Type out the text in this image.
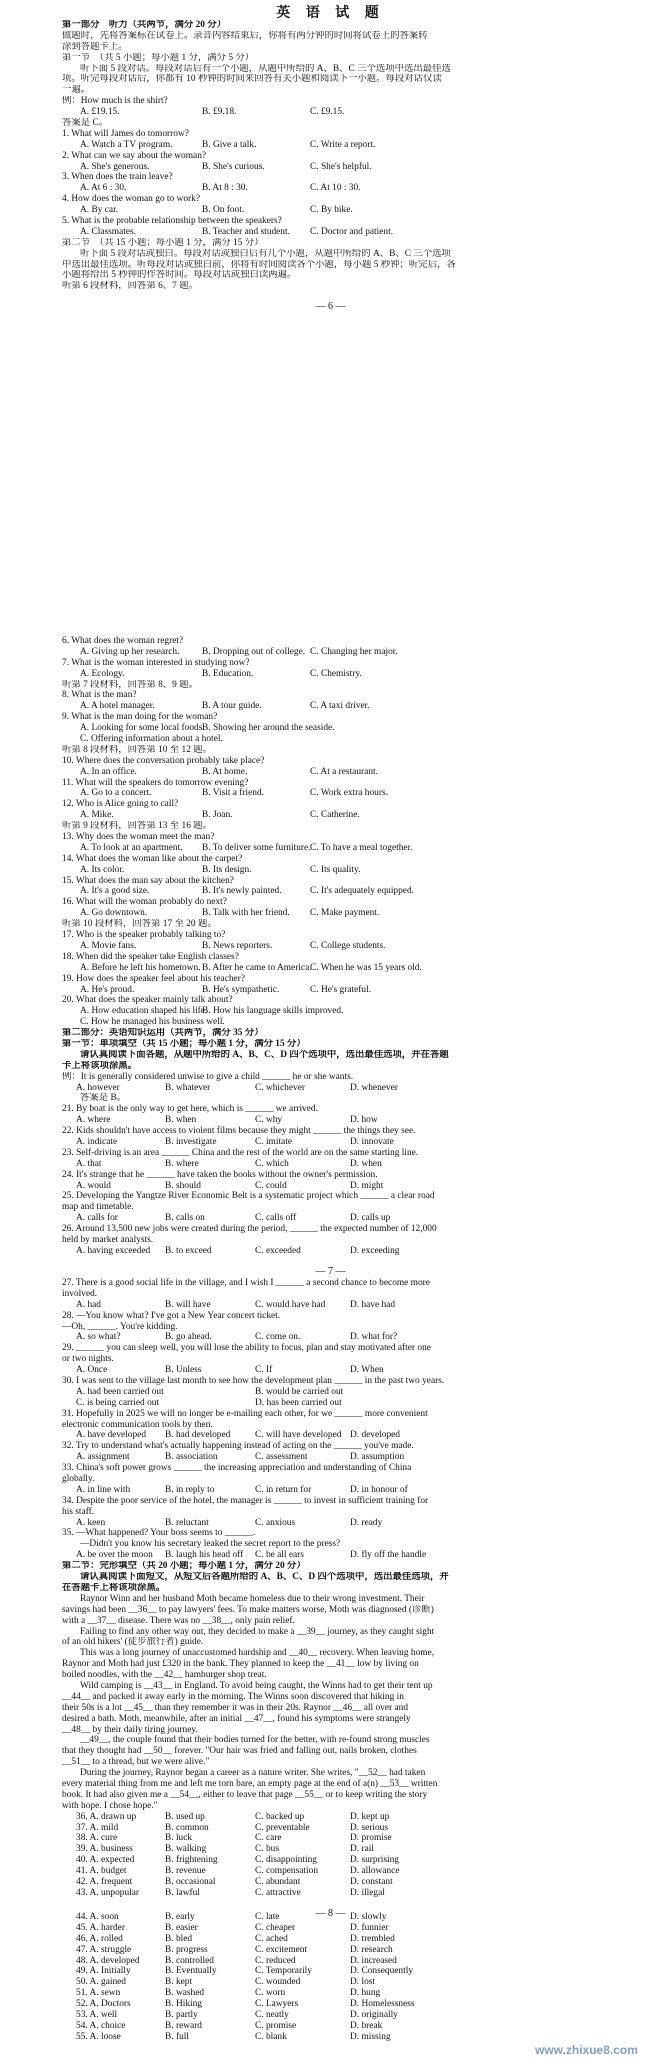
英 语 试 题
第一部分　听力（共两节，满分 20 分）
做题时，先将答案标在试卷上。录音内容结束后，你将有两分钟的时间将试卷上的答案转
涂到答题卡上。
第一节　（共 5 小题；每小题 1 分，满分 5 分）
听下面 5 段对话。每段对话后有一个小题，从题中所给的 A、B、C 三个选项中选出最佳选
项。听完每段对话后，你都有 10 秒钟的时间来回答有关小题和阅读下一小题。每段对话仅读
一遍。
例：How much is the shirt?
A. £19.15.	B. £9.18.	C. £9.15.
答案是 C。
1. What will James do tomorrow?
A. Watch a TV program.	B. Give a talk.	C. Write a report.
2. What can we say about the woman?
A. She's generous.	B. She's curious.	C. She's helpful.
3. When does the train leave?
A. At 6 : 30.	B. At 8 : 30.	C. At 10 : 30.
4. How does the woman go to work?
A. By car.	B. On foot.	C. By bike.
5. What is the probable relationship between the speakers?
A. Classmates.	B. Teacher and student. C. Doctor and patient.
第二节　（共 15 小题；每小题 1 分，满分 15 分）
听下面 5 段对话或独白。每段对话或独白后有几个小题，从题中所给的 A、B、C 三个选项
中选出最佳选项。听每段对话或独白前，你将有时间阅读各个小题，每小题 5 秒钟；听完后，各
小题将给出 5 秒钟的作答时间。每段对话或独白读两遍。
听第 6 段材料，回答第 6、7 题。
— 6 —
6. What does the woman regret?
A. Giving up her research. B. Dropping out of college. C. Changing her major.
7. What is the woman interested in studying now?
A. Ecology.	B. Education.	C. Chemistry.
听第 7 段材料，回答第 8、9 题。
8. What is the man?
A. A hotel manager.	B. A tour guide.	C. A taxi driver.
9. What is the man doing for the woman?
A. Looking for some local foods.
B. Showing her around the seaside.
C. Offering information about a hotel.
听第 8 段材料，回答第 10 至 12 题。
10. Where does the conversation probably take place?
A. In an office.	B. At home.	C. At a restaurant.
11. What will the speakers do tomorrow evening?
A. Go to a concert.	B. Visit a friend.	C. Work extra hours.
12. Who is Alice going to call?
A. Mike.	B. Joan.	C. Catherine.
听第 9 段材料，回答第 13 至 16 题。
13. Why does the woman meet the man?
A. To look at an apartment. B. To deliver some furniture. C. To have a meal together.
14. What does the woman like about the carpet?
A. Its color.	B. Its design.	C. Its quality.
15. What does the man say about the kitchen?
A. It's a good size.	B. It's newly painted.	C. It's adequately equipped.
16. What will the woman probably do next?
A. Go downtown.	B. Talk with her friend. C. Make payment.
听第 10 段材料，回答第 17 至 20 题。
17. Who is the speaker probably talking to?
A. Movie fans.	B. News reporters.	C. College students.
18. When did the speaker take English classes?
A. Before he left his hometown. B. After he came to America.
C. When he was 15 years old.
19. How does the speaker feel about his teacher?
A. He's proud.	B. He's sympathetic.	C. He's grateful.
20. What does the speaker mainly talk about?
A. How education shaped his life.
B. How his language skills improved.
C. How he managed his business well.
第二部分：英语知识运用（共两节，满分 35 分）
第一节：单项填空（共 15 小题；每小题 1 分，满分 15 分）
请认真阅读下面各题，从题中所给的 A、B、C、D 四个选项中，选出最佳选项，并在答题
卡上将该项涂黑。
例：It is generally considered unwise to give a child ______ he or she wants.
A. however	B. whatever	C. whichever	D. whenever
答案是 B。
21. By boat is the only way to get here, which is ______ we arrived.
A. where	B. when	C. why	D. how
22. Kids shouldn't have access to violent films because they might ______ the things they see.
A. indicate	B. investigate	C. imitate	D. innovate
23. Self-driving is an area ______ China and the rest of the world are on the same starting line.
A. that	B. where	C. which	D. when
24. It's strange that he ______ have taken the books without the owner's permission.
A. would	B. should	C. could	D. might
25. Developing the Yangtze River Economic Belt is a systematic project which ______ a clear road
map and timetable.
A. calls for	B. calls on	C. calls off	D. calls up
26. Around 13,500 new jobs were created during the period, ______ the expected number of 12,000
held by market analysts.
A. having exceeded B. to exceed	C. exceeded	D. exceeding
— 7 —
27. There is a good social life in the village, and I wish I ______ a second chance to become more
involved.
A. had	B. will have	C. would have had	D. have had
28. —You know what? I've got a New Year concert ticket.
—Oh, ______. You're kidding.
A. so what?	B. go ahead.	C. come on.	D. what for?
29. ______ you can sleep well, you will lose the ability to focus, plan and stay motivated after one
or two nights.
A. Once	B. Unless	C. If	D. When
30. I was sent to the village last month to see how the development plan ______ in the past two years.
A. had been carried out	B. would be carried out
C. is being carried out	D. has been carried out
31. Hopefully in 2025 we will no longer be e-mailing each other, for we ______ more convenient
electronic communication tools by then.
A. have developed B. had developed	C. will have developed D. developed
32. Try to understand what's actually happening instead of acting on the ______ you've made.
A. assignment	B. association	C. assessment	D. assumption
33. China's soft power grows ______ the increasing appreciation and understanding of China
globally.
A. in line with	B. in reply to	C. in return for	D. in honour of
34. Despite the poor service of the hotel, the manager is ______ to invest in sufficient training for
his staff.
A. keen	B. reluctant	C. anxious	D. ready
35. —What happened? Your boss seems to ______.
—Didn't you know his secretary leaked the secret report to the press?
A. be over the moon B. laugh his head off C. be all ears	D. fly off the handle
第二节：完形填空（共 20 小题；每小题 1 分，满分 20 分）
请认真阅读下面短文，从短文后各题所给的 A、B、C、D 四个选项中，选出最佳选项，并
在答题卡上将该项涂黑。
Raynor Winn and her husband Moth became homeless due to their wrong investment. Their
savings had been __36__ to pay lawyers' fees. To make matters worse, Moth was diagnosed (诊断)
with a __37__ disease. There was no __38__, only pain relief.
Failing to find any other way out, they decided to make a __39__ journey, as they caught sight
of an old hikers' (徒步旅行者) guide.
This was a long journey of unaccustomed hardship and __40__ recovery. When leaving home,
Raynor and Moth had just £320 in the bank. They planned to keep the __41__ low by living on
boiled noodles, with the __42__ hamburger shop treat.
Wild camping is __43__ in England. To avoid being caught, the Winns had to get their tent up
__44__ and packed it away early in the morning. The Winns soon discovered that hiking in
their 50s is a lot __45__ than they remember it was in their 20s. Raynor __46__ all over and
desired a bath. Moth, meanwhile, after an initial __47__, found his symptoms were strangely
__48__ by their daily tiring journey.
__49__, the couple found that their bodies turned for the better, with re-found strong muscles
that they thought had __50__ forever. "Our hair was fried and falling out, nails broken, clothes
__51__ to a thread, but we were alive."
During the journey, Raynor began a career as a nature writer. She writes, "__52__ had taken
every material thing from me and left me torn bare, an empty page at the end of a(n) __53__ written
book. It had also given me a __54__, either to leave that page __55__ or to keep writing the story
with hope. I chose hope."
36. A. drawn up	B. used up	C. backed up	D. kept up
37. A. mild	B. common	C. preventable	D. serious
38. A. cure	B. luck	C. care	D. promise
39. A. business	B. walking	C. bus	D. rail
40. A. expected	B. frightening	C. disappointing	D. surprising
41. A. budget	B. revenue	C. compensation	D. allowance
42. A. frequent	B. occasional	C. abundant	D. constant
43. A. unpopular	B. lawful	C. attractive	D. illegal
— 8 —
44. A. soon	B. early	C. late	D. slowly
45. A. harder	B. easier	C. cheaper	D. funnier
46. A. rolled	B. bled	C. ached	D. trembled
47. A. struggle	B. progress	C. excitement	D. research
48. A. developed	B. controlled	C. reduced	D. increased
49. A. Initially	B. Eventually	C. Temporarily	D. Consequently
50. A. gained	B. kept	C. wounded	D. lost
51. A. sewn	B. washed	C. worn	D. hung
52. A. Doctors	B. Hiking	C. Lawyers	D. Homelessness
53. A. well	B. partly	C. neatly	D. originally
54. A. choice	B. reward	C. promise	D. break
55. A. loose	B. full	C. blank	D. missing
www.zhixue8.com
